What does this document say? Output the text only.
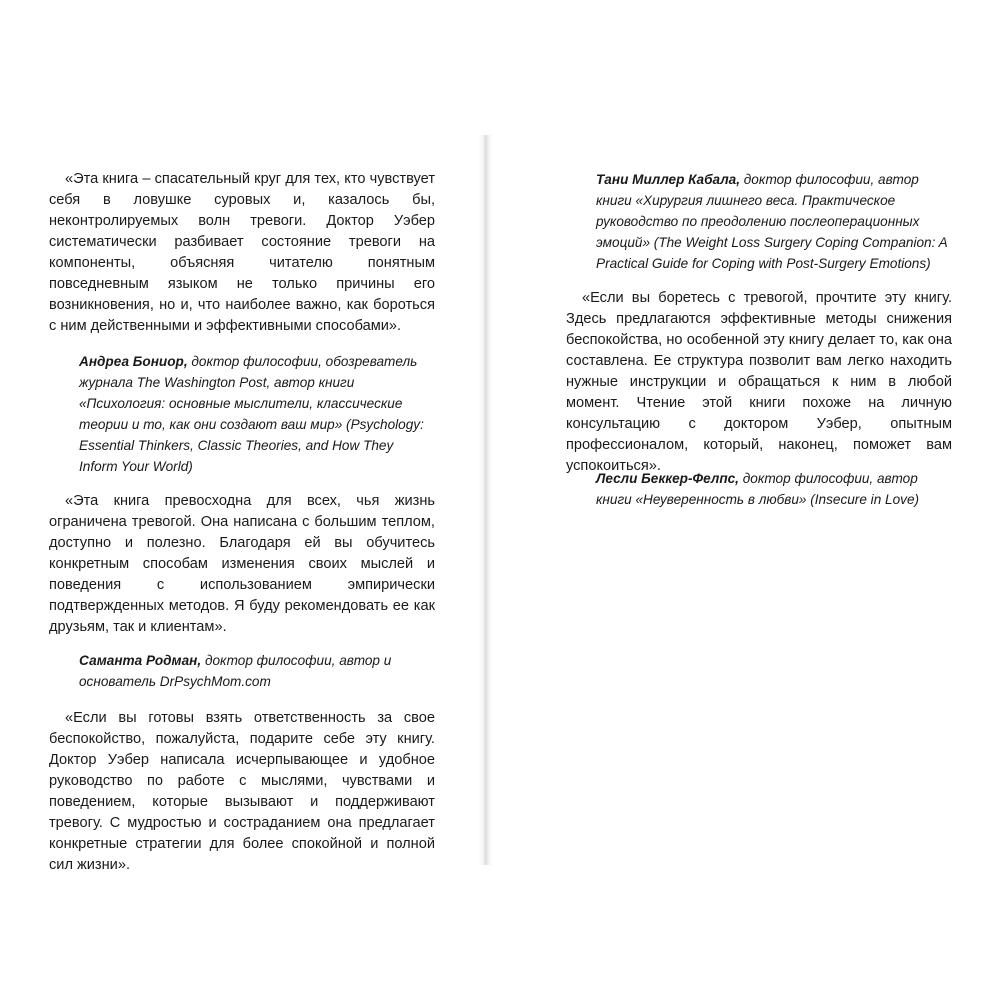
«Эта книга – спасательный круг для тех, кто чувствует себя в ловушке суровых и, казалось бы, неконтролируемых волн тревоги. Доктор Уэбер систематически разбивает состояние тревоги на компоненты, объясняя читателю понятным повседневным языком не только причины его возникновения, но и, что наиболее важно, как бороться с ним действенными и эффективными способами».

Андреа Бониор, доктор философии, обозреватель журнала The Washington Post, автор книги «Психология: основные мыслители, классические теории и то, как они создают ваш мир» (Psychology: Essential Thinkers, Classic Theories, and How They Inform Your World)

«Эта книга превосходна для всех, чья жизнь ограничена тревогой. Она написана с большим теплом, доступно и полезно. Благодаря ей вы обучитесь конкретным способам изменения своих мыслей и поведения с использованием эмпирически подтвержденных методов. Я буду рекомендовать ее как друзьям, так и клиентам».

Саманта Родман, доктор философии, автор и основатель DrPsychMom.com

«Если вы готовы взять ответственность за свое беспокойство, пожалуйста, подарите себе эту книгу. Доктор Уэбер написала исчерпывающее и удобное руководство по работе с мыслями, чувствами и поведением, которые вызывают и поддерживают тревогу. С мудростью и состраданием она предлагает конкретные стратегии для более спокойной и полной сил жизни».

Тани Миллер Кабала, доктор философии, автор книги «Хирургия лишнего веса. Практическое руководство по преодолению послеоперационных эмоций» (The Weight Loss Surgery Coping Companion: A Practical Guide for Coping with Post-Surgery Emotions)

«Если вы боретесь с тревогой, прочтите эту книгу. Здесь предлагаются эффективные методы снижения беспокойства, но особенной эту книгу делает то, как она составлена. Ее структура позволит вам легко находить нужные инструкции и обращаться к ним в любой момент. Чтение этой книги похоже на личную консультацию с доктором Уэбер, опытным профессионалом, который, наконец, поможет вам успокоиться».

Лесли Беккер-Фелпс, доктор философии, автор книги «Неуверенность в любви» (Insecure in Love)
